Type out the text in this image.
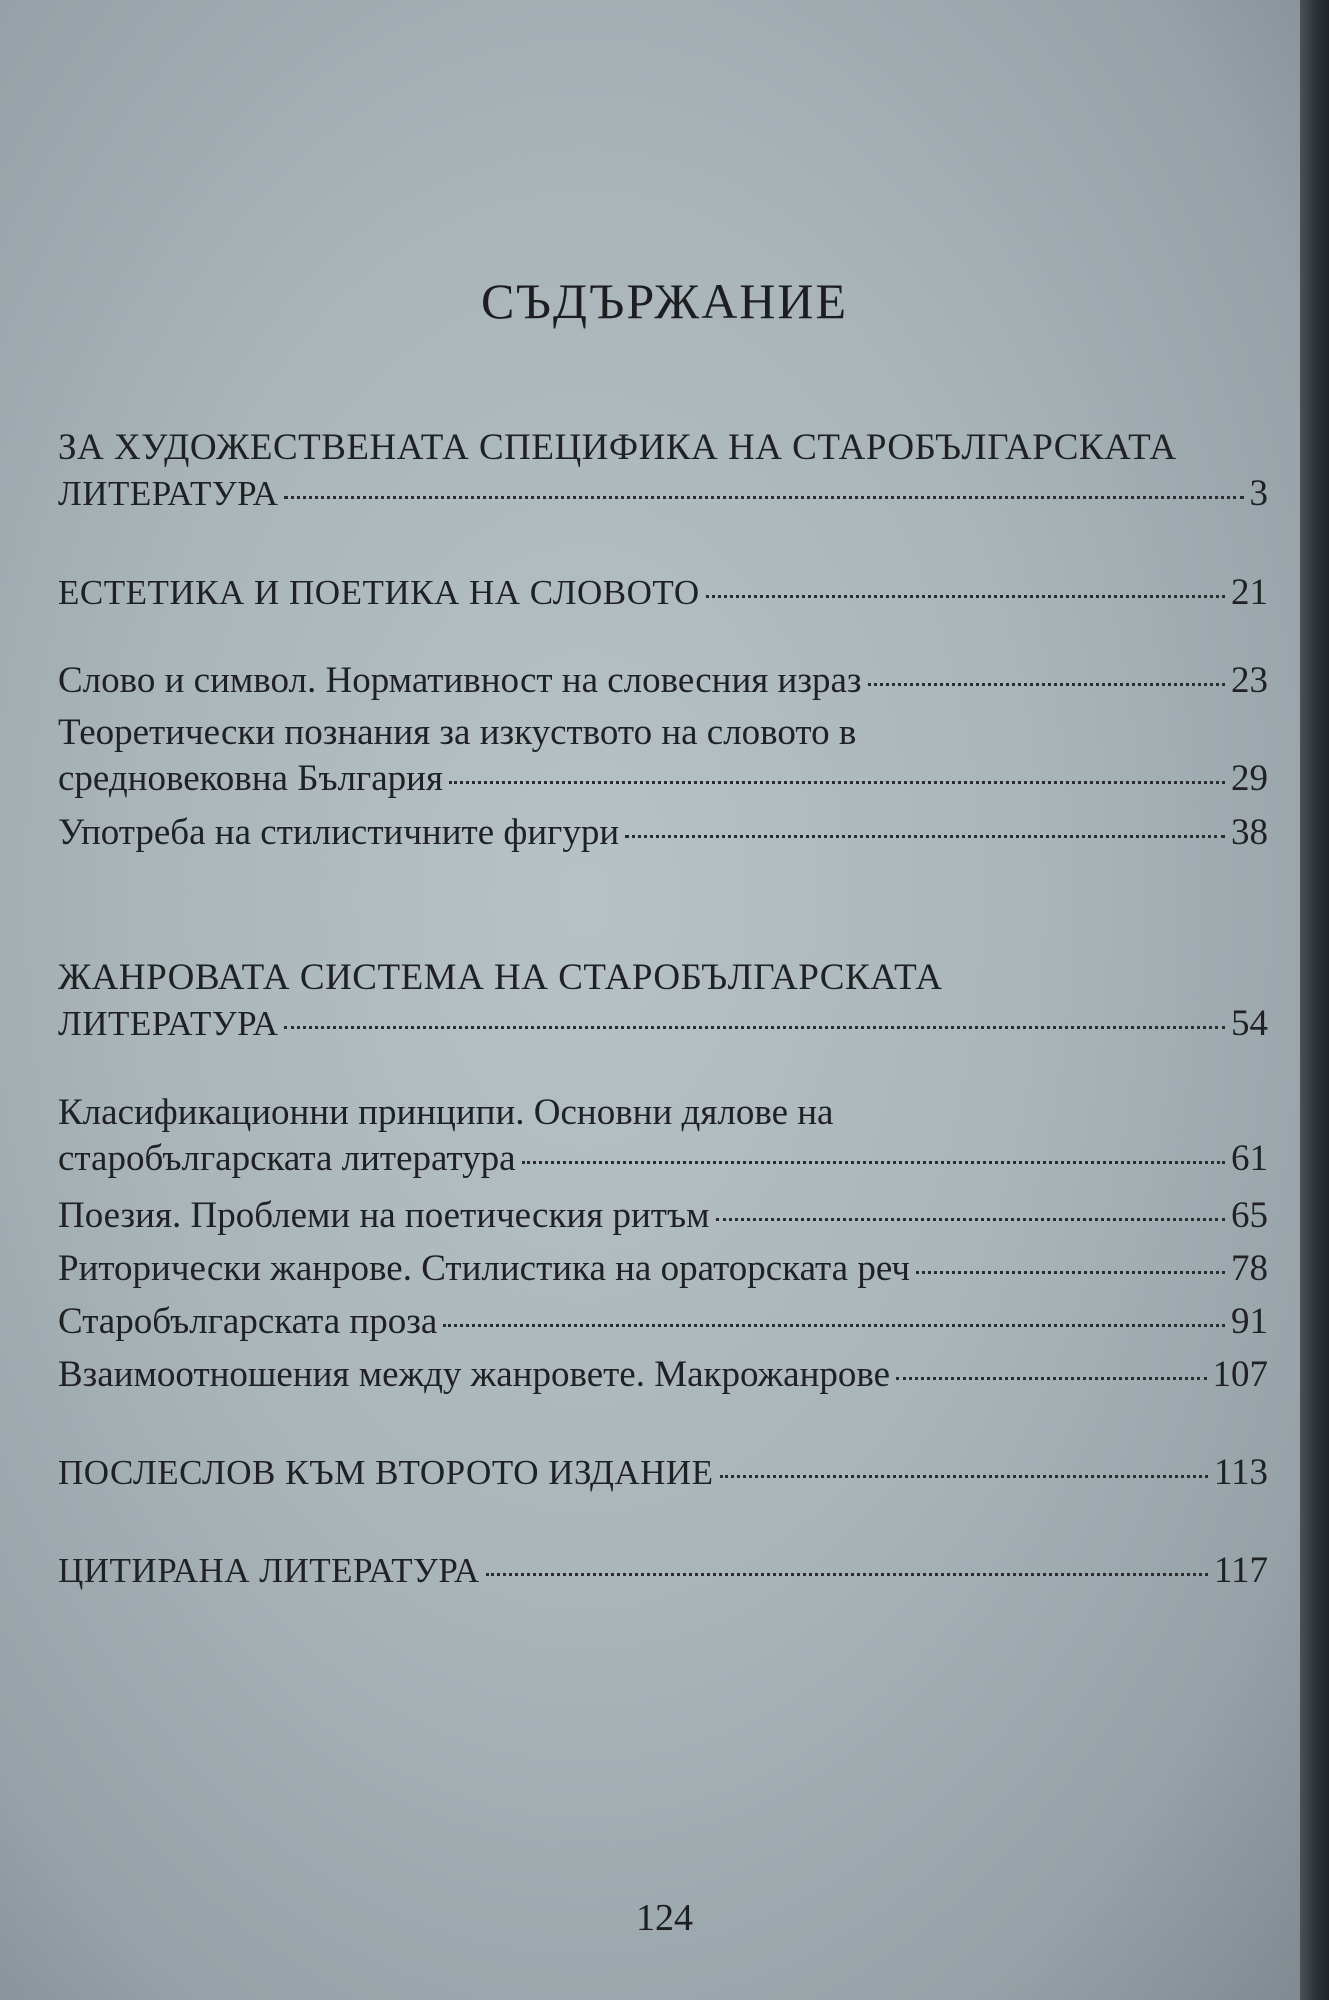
СЪДЪРЖАНИЕ
ЗА ХУДОЖЕСТВЕНАТА СПЕЦИФИКА НА СТАРОБЪЛГАРСКАТА
ЛИТЕРАТУРА	3
ЕСТЕТИКА И ПОЕТИКА НА СЛОВОТО	21
Слово и символ. Нормативност на словесния израз	23
Теоретически познания за изкуството на словото в
средновековна България	29
Употреба на стилистичните фигури	38
ЖАНРОВАТА СИСТЕМА НА СТАРОБЪЛГАРСКАТА
ЛИТЕРАТУРА	54
Класификационни принципи. Основни дялове на
старобългарската литература	61
Поезия. Проблеми на поетическия ритъм	65
Риторически жанрове. Стилистика на ораторската реч	78
Старобългарската проза	91
Взаимоотношения между жанровете. Макрожанрове	107
ПОСЛЕСЛОВ КЪМ ВТОРОТО ИЗДАНИЕ	113
ЦИТИРАНА ЛИТЕРАТУРА	117
124
